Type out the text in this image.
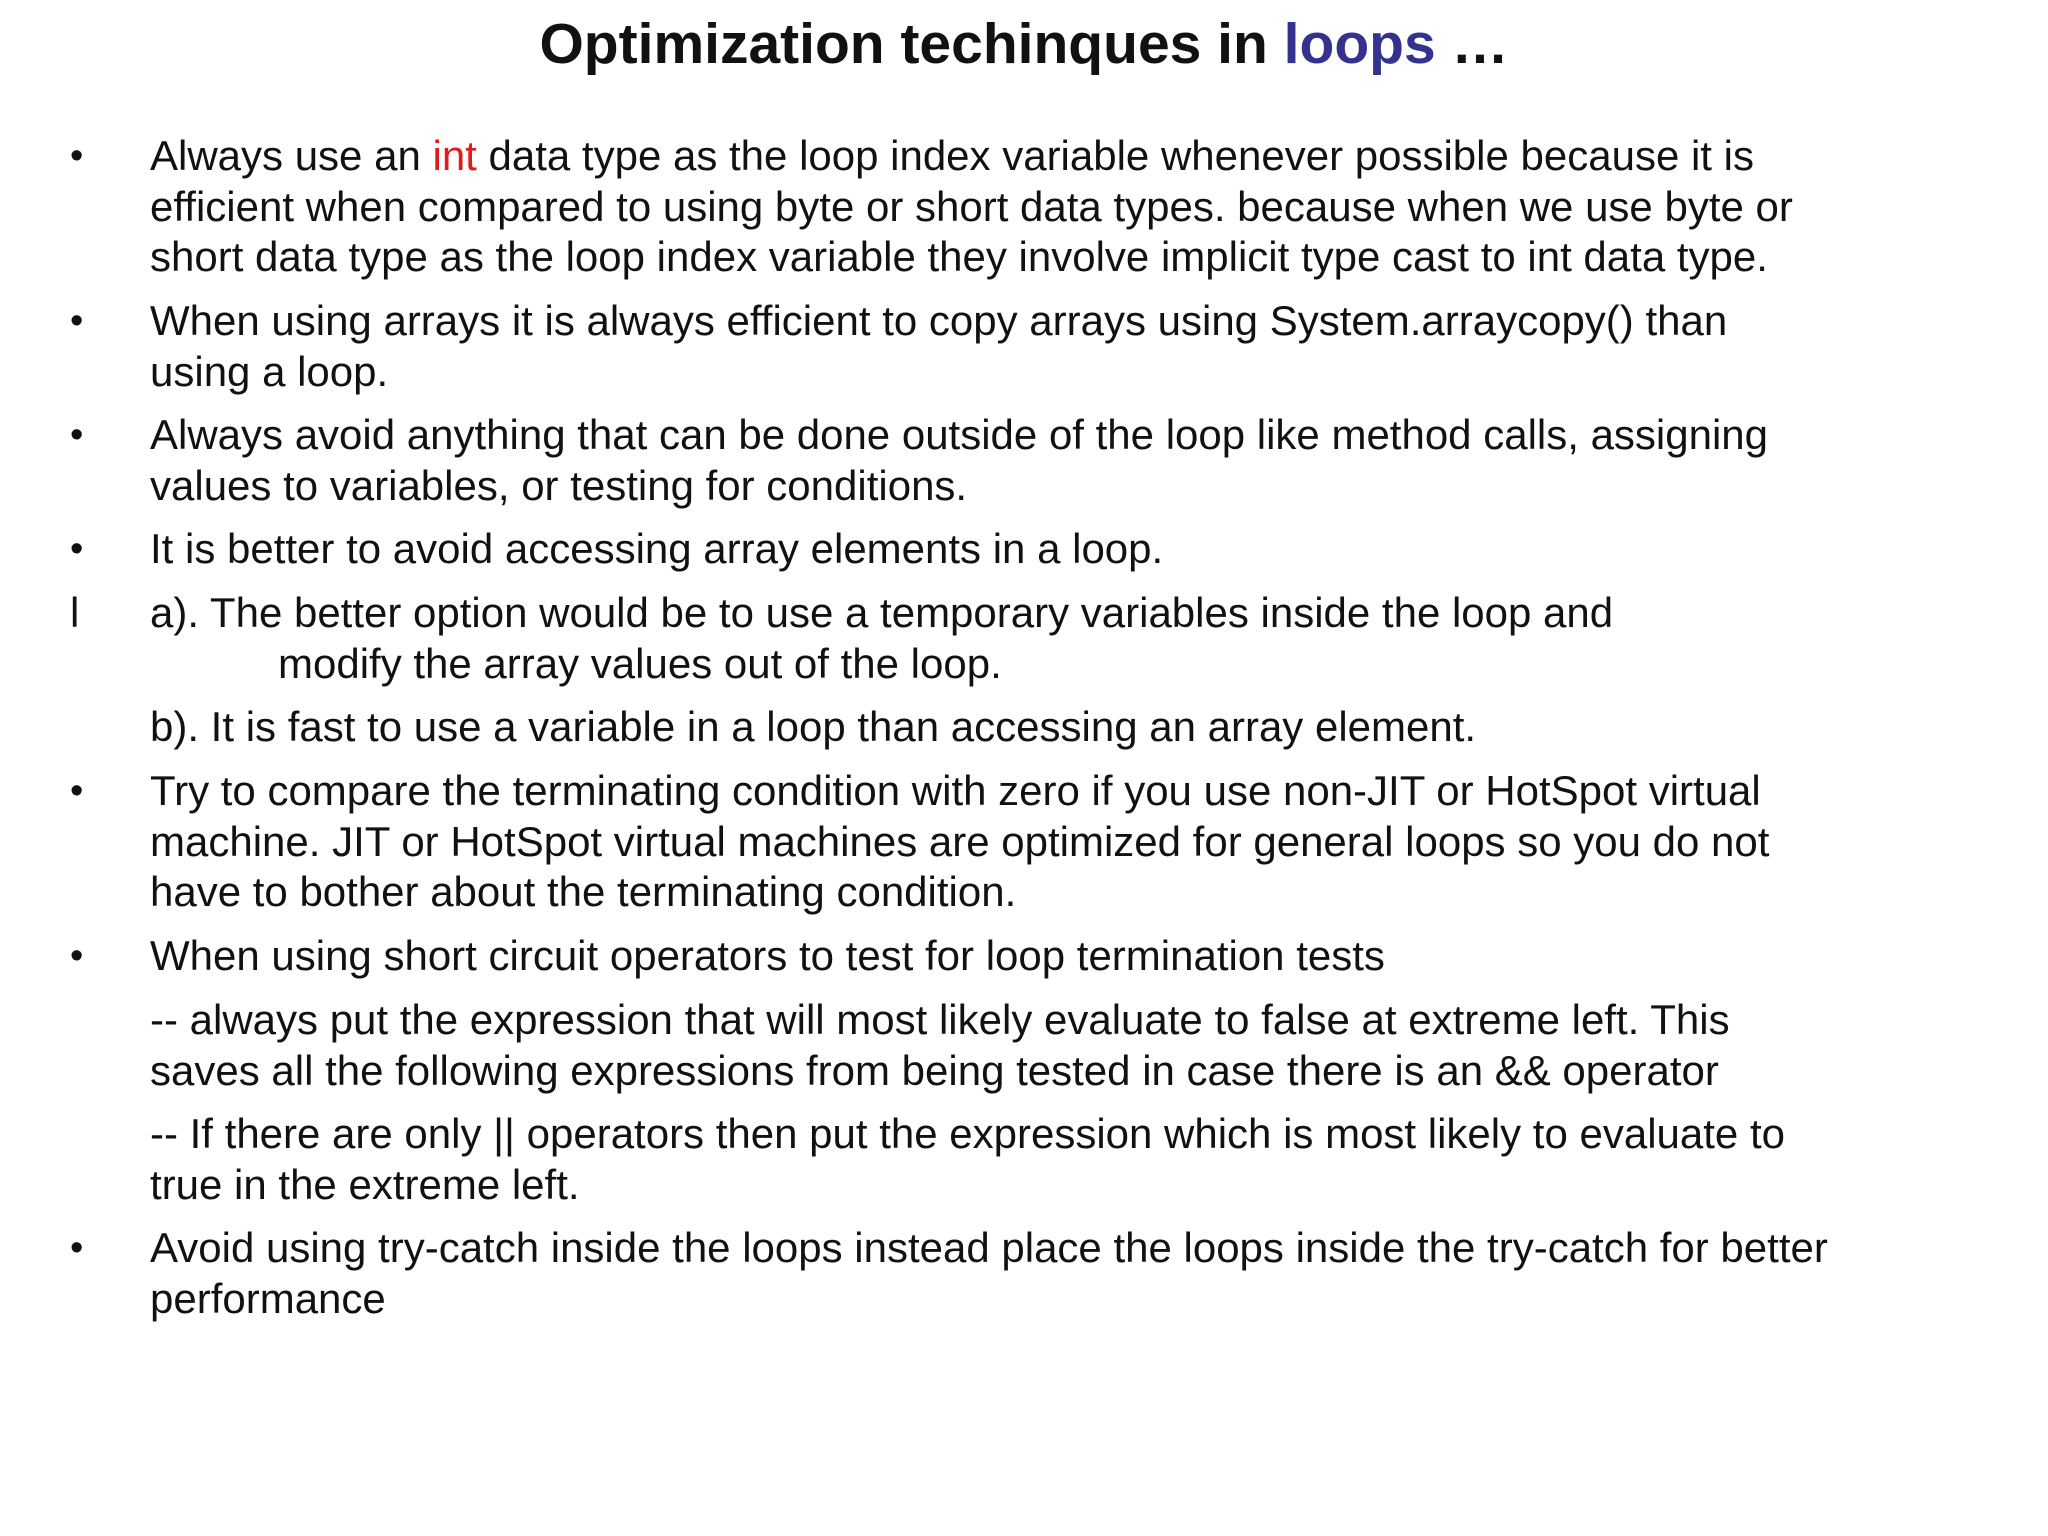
Optimization techinques in loops …
•	Always use an int data type as the loop index variable whenever possible because it is
efficient when compared to using byte or short data types. because when we use byte or
short data type as the loop index variable they involve implicit type cast to int data type.
•	When using arrays it is always efficient to copy arrays using System.arraycopy() than
using a loop.
•	Always avoid anything that can be done outside of the loop like method calls, assigning
values to variables, or testing for conditions.
•	It is better to avoid accessing array elements in a loop.
l	a). The better option would be to use a temporary variables inside the loop and
modify the array values out of the loop.
b). It is fast to use a variable in a loop than accessing an array element.
•	Try to compare the terminating condition with zero if you use non-JIT or HotSpot virtual
machine. JIT or HotSpot virtual machines are optimized for general loops so you do not
have to bother about the terminating condition.
•	When using short circuit operators to test for loop termination tests
-- always put the expression that will most likely evaluate to false at extreme left. This
saves all the following expressions from being tested in case there is an && operator
-- If there are only || operators then put the expression which is most likely to evaluate to
true in the extreme left.
•	Avoid using try-catch inside the loops instead place the loops inside the try-catch for better
performance
